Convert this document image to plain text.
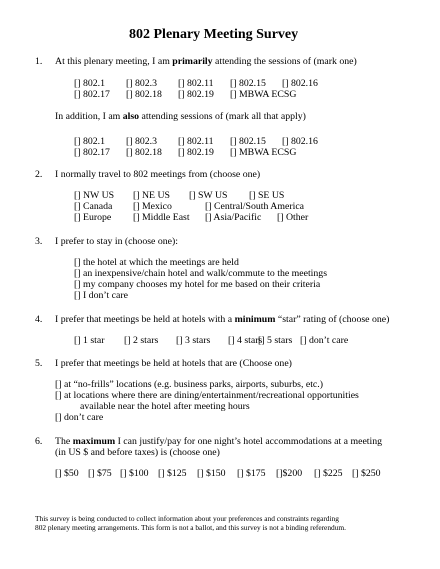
802 Plenary Meeting Survey
1. At this plenary meeting, I am primarily attending the sessions of (mark one)
[] 802.1 [] 802.3 [] 802.11 [] 802.15 [] 802.16
[] 802.17 [] 802.18 [] 802.19 [] MBWA ECSG
In addition, I am also attending sessions of (mark all that apply)
[] 802.1 [] 802.3 [] 802.11 [] 802.15 [] 802.16
[] 802.17 [] 802.18 [] 802.19 [] MBWA ECSG
2. I normally travel to 802 meetings from (choose one)
[] NW US [] NE US [] SW US [] SE US
[] Canada [] Mexico	[] Central/South America
[] Europe [] Middle East [] Asia/Pacific [] Other
3. I prefer to stay in (choose one):
[] the hotel at which the meetings are held
[] an inexpensive/chain hotel and walk/commute to the meetings
[] my company chooses my hotel for me based on their criteria
[] I don’t care
4. I prefer that meetings be held at hotels with a minimum “star” rating of (choose one)
[] 1 star [] 2 stars [] 3 stars [] 4 stars
[] 5 stars [] don’t care
5. I prefer that meetings be held at hotels that are (Choose one)
[] at “no-frills” locations (e.g. business parks, airports, suburbs, etc.)
[] at locations where there are dining/entertainment/recreational opportunities
available near the hotel after meeting hours
[] don’t care
6. The maximum I can justify/pay for one night’s hotel accommodations at a meeting
(in US $ and before taxes) is (choose one)
[] $50 [] $75 [] $100 [] $125 [] $150 [] $175 []$200 [] $225 [] $250
This survey is being conducted to collect information about your preferences and constraints regarding
802 plenary meeting arrangements. This form is not a ballot, and this survey is not a binding referendum.
